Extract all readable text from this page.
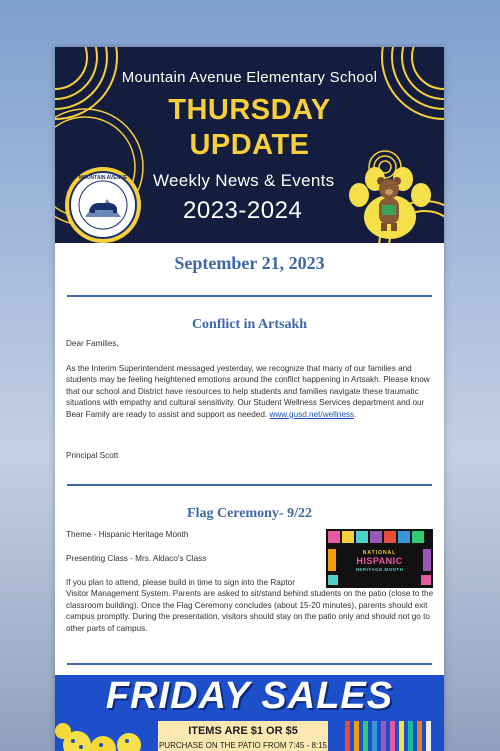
Mountain Avenue Elementary School
THURSDAY
UPDATE
Weekly News & Events
2023-2024
MOUNTAIN AVENUE
September 21, 2023
Conflict in Artsakh

Dear Families,

As the Interim Superintendent messaged yesterday, we recognize that many of our families and students may be feeling heightened emotions around the conflict happening in Artsakh. Please know that our school and District have resources to help students and families navigate these traumatic situations with empathy and cultural sensitivity. Our Student Wellness Services department and our Bear Family are ready to assist and support as needed. www.gusd.net/wellness.

Principal Scott

Flag Ceremony- 9/22

Theme - Hispanic Heritage Month

Presenting Class - Mrs. Aldaco's Class

If you plan to attend, please build in time to sign into the Raptor

Visitor Management System. Parents are asked to sit/stand behind students on the patio (close to the classroom building). Once the Flag Ceremony concludes (about 15-20 minutes), parents should exit campus promptly. During the presentation, visitors should stay on the patio only and should not go to other parts of campus.

NATIONAL
HISPANIC
HERITAGE MONTH
FRIDAY SALES
ITEMS ARE $1 OR $5
PURCHASE ON THE PATIO FROM 7:45 - 8:15
